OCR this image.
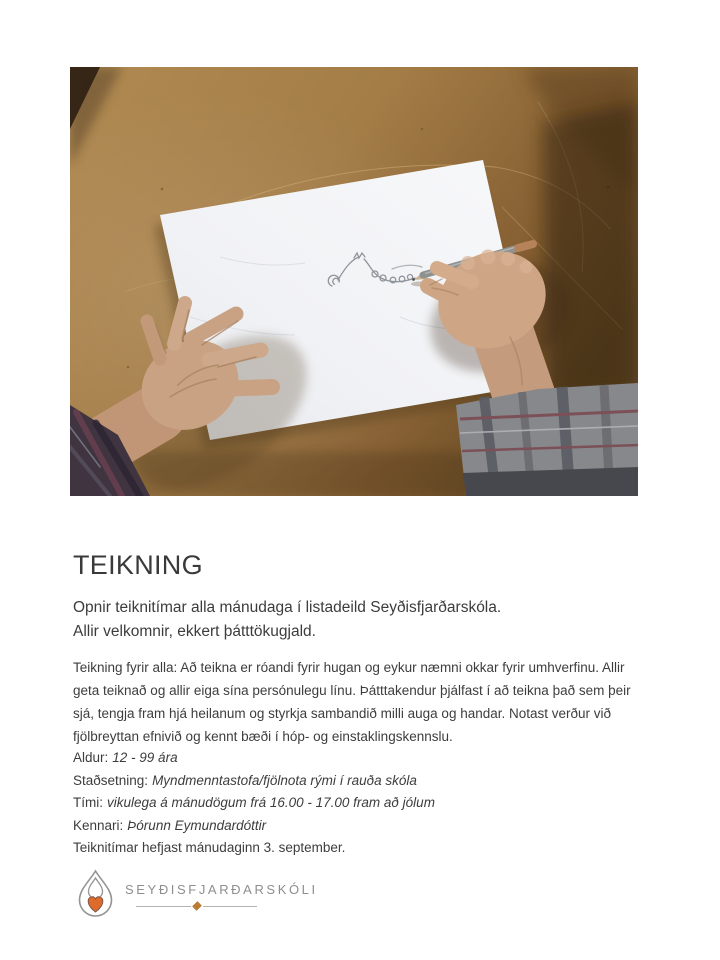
TEIKNING
Opnir teiknitímar alla mánudaga í listadeild Seyðisfjarðarskóla.
Allir velkomnir, ekkert þátttökugjald.
Teikning fyrir alla: Að teikna er róandi fyrir hugan og eykur næmni okkar fyrir umhverfinu. Allir geta teiknað og allir eiga sína persónulegu línu. Þátttakendur þjálfast í að teikna það sem þeir sjá, tengja fram hjá heilanum og styrkja sambandið milli auga og handar. Notast verður við fjölbreyttan efnivið og kennt bæði í hóp- og einstaklingskennslu.
Aldur: 12 - 99 ára
Staðsetning: Myndmenntastofa/fjölnota rými í rauða skóla
Tími: vikulega á mánudögum frá 16.00 - 17.00 fram að jólum
Kennari: Þórunn Eymundardóttir
Teiknitímar hefjast mánudaginn 3. september.
SEYÐISFJARÐARSKÓLI
